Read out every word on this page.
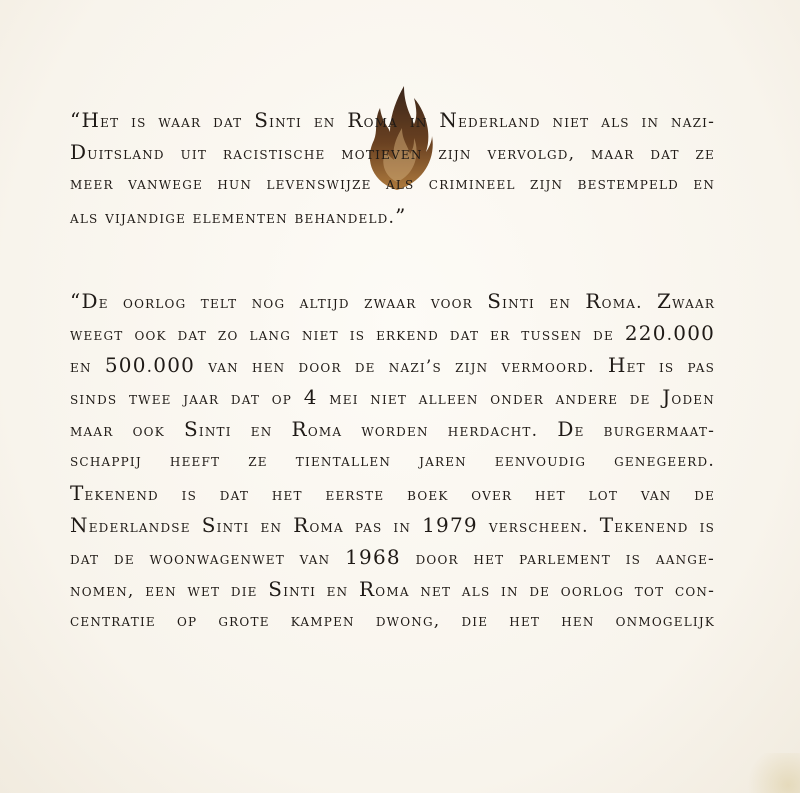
“Het is waar dat Sinti en Roma in Nederland niet als in nazi-
Duitsland uit racistische motieven zijn vervolgd, maar dat ze
meer vanwege hun levenswijze als crimineel zijn bestempeld en
als vijandige elementen behandeld.”
“De oorlog telt nog altijd zwaar voor Sinti en Roma. Zwaar
weegt ook dat zo lang niet is erkend dat er tussen de 220.000
en 500.000 van hen door de nazi’s zijn vermoord. Het is pas
sinds twee jaar dat op 4 mei niet alleen onder andere de Joden
maar ook Sinti en Roma worden herdacht. De burgermaat-
schappij heeft ze tientallen jaren eenvoudig genegeerd.
Tekenend is dat het eerste boek over het lot van de
Nederlandse Sinti en Roma pas in 1979 verscheen. Tekenend is
dat de woonwagenwet van 1968 door het parlement is aange-
nomen, een wet die Sinti en Roma net als in de oorlog tot con-
centratie op grote kampen dwong, die het hen onmogelijk
